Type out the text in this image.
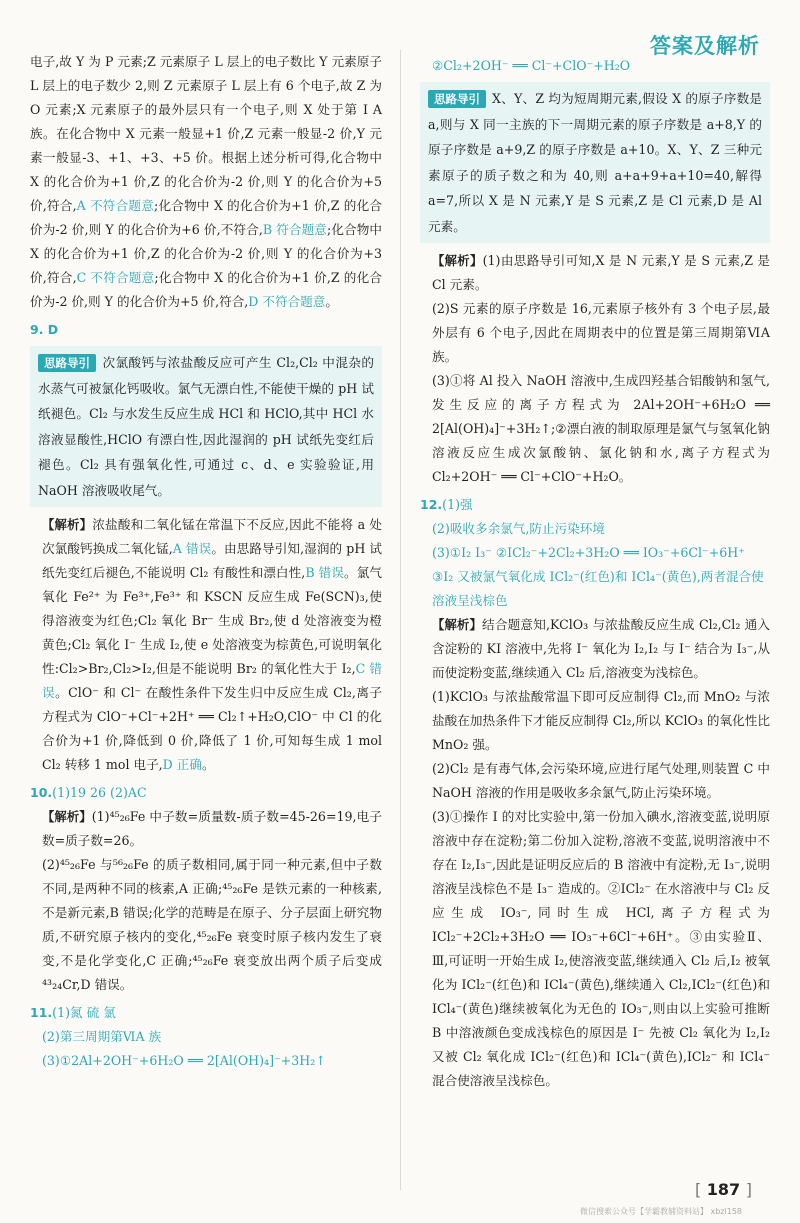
答案及解析

电子,故 Y 为 P 元素;Z 元素原子 L 层上的电子数比 Y 元素原子 L 层上的电子数少 2,则 Z 元素原子 L 层上有 6 个电子,故 Z 为 O 元素;X 元素原子的最外层只有一个电子,则 X 处于第 I A 族。在化合物中 X 元素一般显+1 价,Z 元素一般显-2 价,Y 元素一般显-3、+1、+3、+5 价。根据上述分析可得,化合物中 X 的化合价为+1 价,Z 的化合价为-2 价,则 Y 的化合价为+5 价,符合,A 不符合题意;化合物中 X 的化合价为+1 价,Z 的化合价为-2 价,则 Y 的化合价为+6 价,不符合,B 符合题意;化合物中 X 的化合价为+1 价,Z 的化合价为-2 价,则 Y 的化合价为+3 价,符合,C 不符合题意;化合物中 X 的化合价为+1 价,Z 的化合价为-2 价,则 Y 的化合价为+5 价,符合,D 不符合题意。

9. D

思路导引 次氯酸钙与浓盐酸反应可产生 Cl₂,Cl₂ 中混杂的水蒸气可被氯化钙吸收。氯气无漂白性,不能使干燥的 pH 试纸褪色。Cl₂ 与水发生反应生成 HCl 和 HClO,其中 HCl 水溶液显酸性,HClO 有漂白性,因此湿润的 pH 试纸先变红后褪色。Cl₂ 具有强氧化性,可通过 c、d、e 实验验证,用 NaOH 溶液吸收尾气。

【解析】浓盐酸和二氧化锰在常温下不反应,因此不能将 a 处次氯酸钙换成二氧化锰,A 错误。由思路导引知,湿润的 pH 试纸先变红后褪色,不能说明 Cl₂ 有酸性和漂白性,B 错误。氯气氧化 Fe²⁺ 为 Fe³⁺,Fe³⁺ 和 KSCN 反应生成 Fe(SCN)₃,使得溶液变为红色;Cl₂ 氧化 Br⁻ 生成 Br₂,使 d 处溶液变为橙黄色;Cl₂ 氧化 I⁻ 生成 I₂,使 e 处溶液变为棕黄色,可说明氧化性:Cl₂>Br₂,Cl₂>I₂,但是不能说明 Br₂ 的氧化性大于 I₂,C 错误。ClO⁻ 和 Cl⁻ 在酸性条件下发生归中反应生成 Cl₂,离子方程式为 ClO⁻+Cl⁻+2H⁺ ══ Cl₂↑+H₂O,ClO⁻ 中 Cl 的化合价为+1 价,降低到 0 价,降低了 1 价,可知每生成 1 mol Cl₂ 转移 1 mol 电子,D 正确。

10.(1)19 26 (2)AC

【解析】(1)⁴⁵₂₆Fe 中子数=质量数-质子数=45-26=19,电子数=质子数=26。

(2)⁴⁵₂₆Fe 与⁵⁶₂₆Fe 的质子数相同,属于同一种元素,但中子数不同,是两种不同的核素,A 正确;⁴⁵₂₆Fe 是铁元素的一种核素,不是新元素,B 错误;化学的范畴是在原子、分子层面上研究物质,不研究原子核内的变化,⁴⁵₂₆Fe 衰变时原子核内发生了衰变,不是化学变化,C 正确;⁴⁵₂₆Fe 衰变放出两个质子后变成⁴³₂₄Cr,D 错误。

11.(1)氮 硫 氯
(2)第三周期第ⅥA 族
(3)①2Al+2OH⁻+6H₂O ══ 2[Al(OH)₄]⁻+3H₂↑
②Cl₂+2OH⁻ ══ Cl⁻+ClO⁻+H₂O

思路导引 X、Y、Z 均为短周期元素,假设 X 的原子序数是 a,则与 X 同一主族的下一周期元素的原子序数是 a+8,Y 的原子序数是 a+9,Z 的原子序数是 a+10。X、Y、Z 三种元素原子的质子数之和为 40,则 a+a+9+a+10=40,解得 a=7,所以 X 是 N 元素,Y 是 S 元素,Z 是 Cl 元素,D 是 Al 元素。

【解析】(1)由思路导引可知,X 是 N 元素,Y 是 S 元素,Z 是 Cl 元素。

(2)S 元素的原子序数是 16,元素原子核外有 3 个电子层,最外层有 6 个电子,因此在周期表中的位置是第三周期第ⅥA 族。

(3)①将 Al 投入 NaOH 溶液中,生成四羟基合铝酸钠和氢气,发生反应的离子方程式为 2Al+2OH⁻+6H₂O ══ 2[Al(OH)₄]⁻+3H₂↑;②漂白液的制取原理是氯气与氢氧化钠溶液反应生成次氯酸钠、氯化钠和水,离子方程式为 Cl₂+2OH⁻ ══ Cl⁻+ClO⁻+H₂O。

12.(1)强
(2)吸收多余氯气,防止污染环境
(3)①I₂ I₃⁻ ②ICl₂⁻+2Cl₂+3H₂O ══ IO₃⁻+6Cl⁻+6H⁺
③I₂ 又被氯气氧化成 ICl₂⁻(红色)和 ICl₄⁻(黄色),两者混合使溶液呈浅棕色

【解析】结合题意知,KClO₃ 与浓盐酸反应生成 Cl₂,Cl₂ 通入含淀粉的 KI 溶液中,先将 I⁻ 氧化为 I₂,I₂ 与 I⁻ 结合为 I₃⁻,从而使淀粉变蓝,继续通入 Cl₂ 后,溶液变为浅棕色。

(1)KClO₃ 与浓盐酸常温下即可反应制得 Cl₂,而 MnO₂ 与浓盐酸在加热条件下才能反应制得 Cl₂,所以 KClO₃ 的氧化性比 MnO₂ 强。

(2)Cl₂ 是有毒气体,会污染环境,应进行尾气处理,则装置 C 中 NaOH 溶液的作用是吸收多余氯气,防止污染环境。

(3)①操作 I 的对比实验中,第一份加入碘水,溶液变蓝,说明原溶液中存在淀粉;第二份加入淀粉,溶液不变蓝,说明溶液中不存在 I₂,I₃⁻,因此是证明反应后的 B 溶液中有淀粉,无 I₃⁻,说明溶液呈浅棕色不是 I₃⁻ 造成的。②ICl₂⁻ 在水溶液中与 Cl₂ 反应生成 IO₃⁻,同时生成 HCl,离子方程式为 ICl₂⁻+2Cl₂+3H₂O ══ IO₃⁻+6Cl⁻+6H⁺。③由实验Ⅱ、Ⅲ,可证明一开始生成 I₂,使溶液变蓝,继续通入 Cl₂ 后,I₂ 被氧化为 ICl₂⁻(红色)和 ICl₄⁻(黄色),继续通入 Cl₂,ICl₂⁻(红色)和 ICl₄⁻(黄色)继续被氧化为无色的 IO₃⁻,则由以上实验可推断 B 中溶液颜色变成浅棕色的原因是 I⁻ 先被 Cl₂ 氧化为 I₂,I₂ 又被 Cl₂ 氧化成 ICl₂⁻(红色)和 ICl₄⁻(黄色),ICl₂⁻ 和 ICl₄⁻ 混合使溶液呈浅棕色。

[ 187 ]
微信搜索公众号【学霸教辅资料站】 xbzl158
